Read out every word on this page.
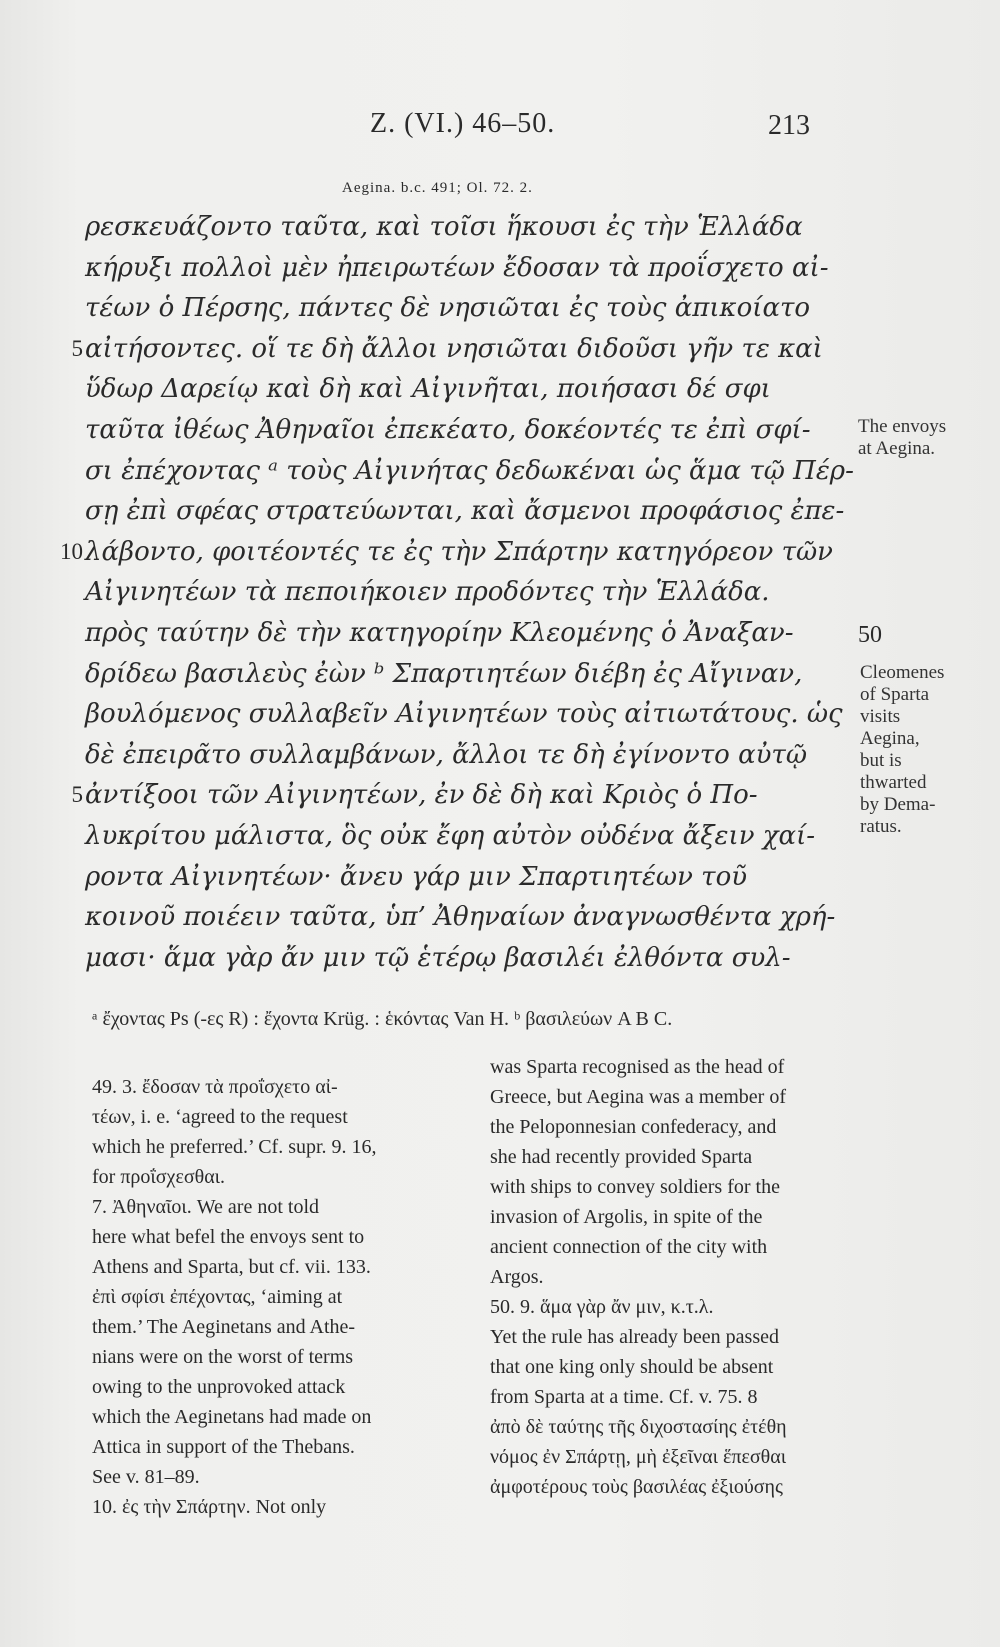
Z. (VI.) 46–50.	213
Aegina. b.c. 491; Ol. 72. 2.
ρεσκευάζοντο ταῦτα, καὶ τοῖσι ἥκουσι ἐς τὴν Ἑλλάδα
κήρυξι πολλοὶ μὲν ἠπειρωτέων ἔδοσαν τὰ προΐσχετο αἰ-
τέων ὁ Πέρσης, πάντες δὲ νησιῶται ἐς τοὺς ἀπικοίατο
5 αἰτήσοντες. οἵ τε δὴ ἄλλοι νησιῶται διδοῦσι γῆν τε καὶ
ὕδωρ Δαρείῳ καὶ δὴ καὶ Αἰγινῆται, ποιήσασι δέ σφι
ταῦτα ἰθέως Ἀθηναῖοι ἐπεκέατο, δοκέοντές τε ἐπὶ σφί-
σι ἐπέχοντας ᵃ τοὺς Αἰγινήτας δεδωκέναι ὡς ἅμα τῷ Πέρ-
σῃ ἐπὶ σφέας στρατεύωνται, καὶ ἄσμενοι προφάσιος ἐπε-
10 λάβοντο, φοιτέοντές τε ἐς τὴν Σπάρτην κατηγόρεον τῶν
Αἰγινητέων τὰ πεποιήκοιεν προδόντες τὴν Ἑλλάδα.
πρὸς ταύτην δὲ τὴν κατηγορίην Κλεομένης ὁ Ἀναξαν-
δρίδεω βασιλεὺς ἐὼν ᵇ Σπαρτιητέων διέβη ἐς Αἴγιναν,
βουλόμενος συλλαβεῖν Αἰγινητέων τοὺς αἰτιωτάτους. ὡς
δὲ ἐπειρᾶτο συλλαμβάνων, ἄλλοι τε δὴ ἐγίνοντο αὐτῷ
5 ἀντίξοοι τῶν Αἰγινητέων, ἐν δὲ δὴ καὶ Κριὸς ὁ Πο-
λυκρίτου μάλιστα, ὃς οὐκ ἔφη αὐτὸν οὐδένα ἄξειν χαί-
ροντα Αἰγινητέων· ἄνευ γάρ μιν Σπαρτιητέων τοῦ
κοινοῦ ποιέειν ταῦτα, ὑπ’ Ἀθηναίων ἀναγνωσθέντα χρή-
μασι· ἅμα γὰρ ἄν μιν τῷ ἑτέρῳ βασιλέι ἐλθόντα συλ-
The envoys
at Aegina.
50
Cleomenes
of Sparta
visits
Aegina,
but is
thwarted
by Dema-
ratus.
ᵃ ἔχοντας Ps (-ες R) : ἔχοντα Krüg. : ἑκόντας Van H. ᵇ βασιλεύων A B C.
49. 3. ἔδοσαν τὰ προΐσχετο αἰ-
τέων, i. e. ‘agreed to the request
which he preferred.’ Cf. supr. 9. 16,
for προΐσχεσθαι.
7. Ἀθηναῖοι. We are not told
here what befel the envoys sent to
Athens and Sparta, but cf. vii. 133.
ἐπὶ σφίσι ἐπέχοντας, ‘aiming at
them.’ The Aeginetans and Athe-
nians were on the worst of terms
owing to the unprovoked attack
which the Aeginetans had made on
Attica in support of the Thebans.
See v. 81–89.
10. ἐς τὴν Σπάρτην. Not only
was Sparta recognised as the head of
Greece, but Aegina was a member of
the Peloponnesian confederacy, and
she had recently provided Sparta
with ships to convey soldiers for the
invasion of Argolis, in spite of the
ancient connection of the city with
Argos.
50. 9. ἅμα γὰρ ἄν μιν, κ.τ.λ.
Yet the rule has already been passed
that one king only should be absent
from Sparta at a time. Cf. v. 75. 8
ἀπὸ δὲ ταύτης τῆς διχοστασίης ἐτέθη
νόμος ἐν Σπάρτῃ, μὴ ἐξεῖναι ἕπεσθαι
ἀμφοτέρους τοὺς βασιλέας ἐξιούσης
